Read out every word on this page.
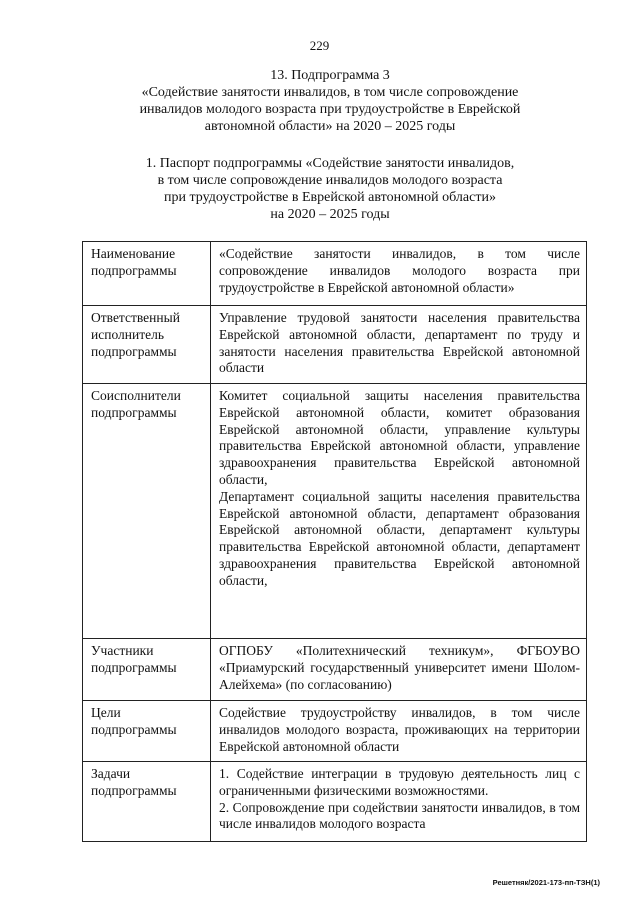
229
13. Подпрограмма 3
«Содействие занятости инвалидов, в том числе сопровождение
инвалидов молодого возраста при трудоустройстве в Еврейской
автономной области» на 2020 – 2025 годы
1. Паспорт подпрограммы «Содействие занятости инвалидов,
в том числе сопровождение инвалидов молодого возраста
при трудоустройстве в Еврейской автономной области»
на 2020 – 2025 годы
Наименование подпрограммы	«Содействие занятости инвалидов, в том числе сопровождение инвалидов молодого возраста при трудоустройстве в Еврейской автономной области»
Ответственный исполнитель подпрограммы	Управление трудовой занятости населения правительства Еврейской автономной области, департамент по труду и занятости населения правительства Еврейской автономной области
Соисполнители подпрограммы	Комитет социальной защиты населения правительства Еврейской автономной области, комитет образования Еврейской автономной области, управление культуры правительства Еврейской автономной области, управление здравоохранения правительства Еврейской автономной области,
Департамент социальной защиты населения правительства Еврейской автономной области, департамент образования Еврейской автономной области, департамент культуры правительства Еврейской автономной области, департамент здравоохранения правительства Еврейской автономной области,

Участники подпрограммы	ОГПОБУ «Политехнический техникум», ФГБОУВО «Приамурский государственный университет имени Шолом-Алейхема» (по согласованию)
Цели подпрограммы	Содействие трудоустройству инвалидов, в том числе инвалидов молодого возраста, проживающих на территории Еврейской автономной области
Задачи подпрограммы	1. Содействие интеграции в трудовую деятельность лиц с ограниченными физическими возможностями.
2. Сопровождение при содействии занятости инвалидов, в том числе инвалидов молодого возраста
Решетняк/2021-173-пп-ТЗН(1)
